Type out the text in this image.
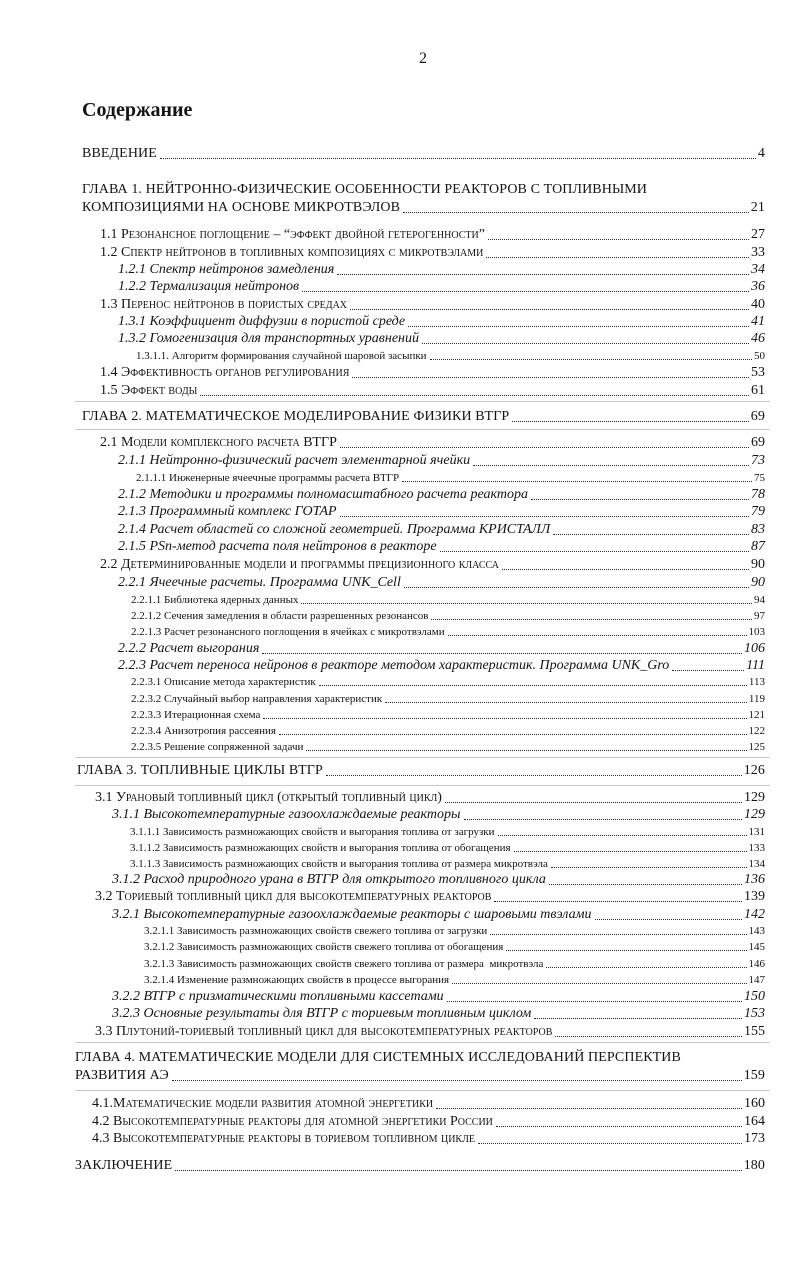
2
Содержание
ВВЕДЕНИЕ	4
ГЛАВА 1. НЕЙТРОННО-ФИЗИЧЕСКИЕ ОСОБЕННОСТИ РЕАКТОРОВ С ТОПЛИВНЫМИ
КОМПОЗИЦИЯМИ НА ОСНОВЕ МИКРОТВЭЛОВ	21
1.1 Резонансное поглощение – “эффект двойной гетерогенности”	27
1.2 Спектр нейтронов в топливных композициях с микротвэлами	33
1.2.1 Спектр нейтронов замедления	34
1.2.2 Термализация нейтронов	36
1.3 Перенос нейтронов в пористых средах	40
1.3.1 Коэффициент диффузии в пористой среде	41
1.3.2 Гомогенизация для транспортных уравнений	46
1.3.1.1. Алгоритм формирования случайной шаровой засыпки	50
1.4 Эффективность органов регулирования	53
1.5 Эффект воды	61
ГЛАВА 2. МАТЕМАТИЧЕСКОЕ МОДЕЛИРОВАНИЕ ФИЗИКИ ВТГР	69
2.1 Модели комплексного расчета ВТГР	69
2.1.1 Нейтронно-физический расчет элементарной ячейки	73
2.1.1.1 Инженерные ячеечные программы расчета ВТГР	75
2.1.2 Методики и программы полномасштабного расчета реактора	78
2.1.3 Программный комплекс ГОТАР	79
2.1.4 Расчет областей со сложной геометрией. Программа КРИСТАЛЛ	83
2.1.5 PSn-метод расчета поля нейтронов в реакторе	87
2.2 Детерминированные модели и программы прецизионного класса	90
2.2.1 Ячеечные расчеты. Программа UNK_Cell	90
2.2.1.1 Библиотека ядерных данных	94
2.2.1.2 Сечения замедления в области разрешенных резонансов	97
2.2.1.3 Расчет резонансного поглощения в ячейках с микротвэлами	103
2.2.2 Расчет выгорания	106
2.2.3 Расчет переноса нейронов в реакторе методом характеристик. Программа UNK_Gro	111
2.2.3.1 Описание метода характеристик	113
2.2.3.2 Случайный выбор направления характеристик	119
2.2.3.3 Итерационная схема	121
2.2.3.4 Анизотропия рассеяния	122
2.2.3.5 Решение сопряженной задачи	125
ГЛАВА 3. ТОПЛИВНЫЕ ЦИКЛЫ ВТГР	126
3.1 Урановый топливный цикл (открытый топливный цикл)	129
3.1.1 Высокотемпературные газоохлаждаемые реакторы	129
3.1.1.1 Зависимость размножающих свойств и выгорания топлива от загрузки	131
3.1.1.2 Зависимость размножающих свойств и выгорания топлива от обогащения	133
3.1.1.3 Зависимость размножающих свойств и выгорания топлива от размера микротвэла	134
3.1.2 Расход природного урана в ВТГР для открытого топливного цикла	136
3.2 Ториевый топливный цикл для высокотемпературных реакторов	139
3.2.1 Высокотемпературные газоохлаждаемые реакторы с шаровыми твэлами	142
3.2.1.1 Зависимость размножающих свойств свежего топлива от загрузки	143
3.2.1.2 Зависимость размножающих свойств свежего топлива от обогащения	145
3.2.1.3 Зависимость размножающих свойств свежего топлива от размера  микротвэла	146
3.2.1.4 Изменение размножающих свойств в процессе выгорания	147
3.2.2 ВТГР с призматическими топливными кассетами	150
3.2.3 Основные результаты для ВТГР с ториевым топливным циклом	153
3.3 Плутоний-ториевый топливный цикл для высокотемпературных реакторов	155
ГЛАВА 4. МАТЕМАТИЧЕСКИЕ МОДЕЛИ ДЛЯ СИСТЕМНЫХ ИССЛЕДОВАНИЙ ПЕРСПЕКТИВ
РАЗВИТИЯ АЭ	159
4.1.Математические модели развития атомной энергетики	160
4.2 Высокотемпературные реакторы для атомной энергетики России	164
4.3 Высокотемпературные реакторы в ториевом топливном цикле	173
ЗАКЛЮЧЕНИЕ	180
